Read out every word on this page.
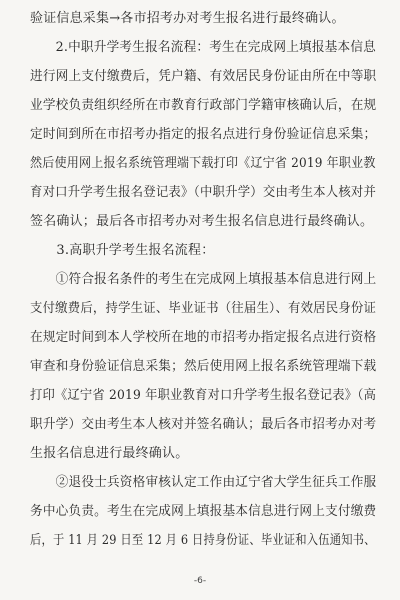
验证信息采集→各市招考办对考生报名进行最终确认。
　　2.中职升学考生报名流程：考生在完成网上填报基本信息
进行网上支付缴费后，凭户籍、有效居民身份证由所在中等职
业学校负责组织经所在市教育行政部门学籍审核确认后，在规
定时间到所在市招考办指定的报名点进行身份验证信息采集；
然后使用网上报名系统管理端下载打印《辽宁省 2019 年职业教
育对口升学考生报名登记表》（中职升学）交由考生本人核对并
签名确认；最后各市招考办对考生报名信息进行最终确认。
　　3.高职升学考生报名流程：
　　①符合报名条件的考生在完成网上填报基本信息进行网上
支付缴费后，持学生证、毕业证书（往届生）、有效居民身份证
在规定时间到本人学校所在地的市招考办指定报名点进行资格
审查和身份验证信息采集；然后使用网上报名系统管理端下载
打印《辽宁省 2019 年职业教育对口升学考生报名登记表》（高
职升学）交由考生本人核对并签名确认；最后各市招考办对考
生报名信息进行最终确认。
　　②退役士兵资格审核认定工作由辽宁省大学生征兵工作服
务中心负责。考生在完成网上填报基本信息进行网上支付缴费
后，于 11 月 29 日至 12 月 6 日持身份证、毕业证和入伍通知书、
-6-
